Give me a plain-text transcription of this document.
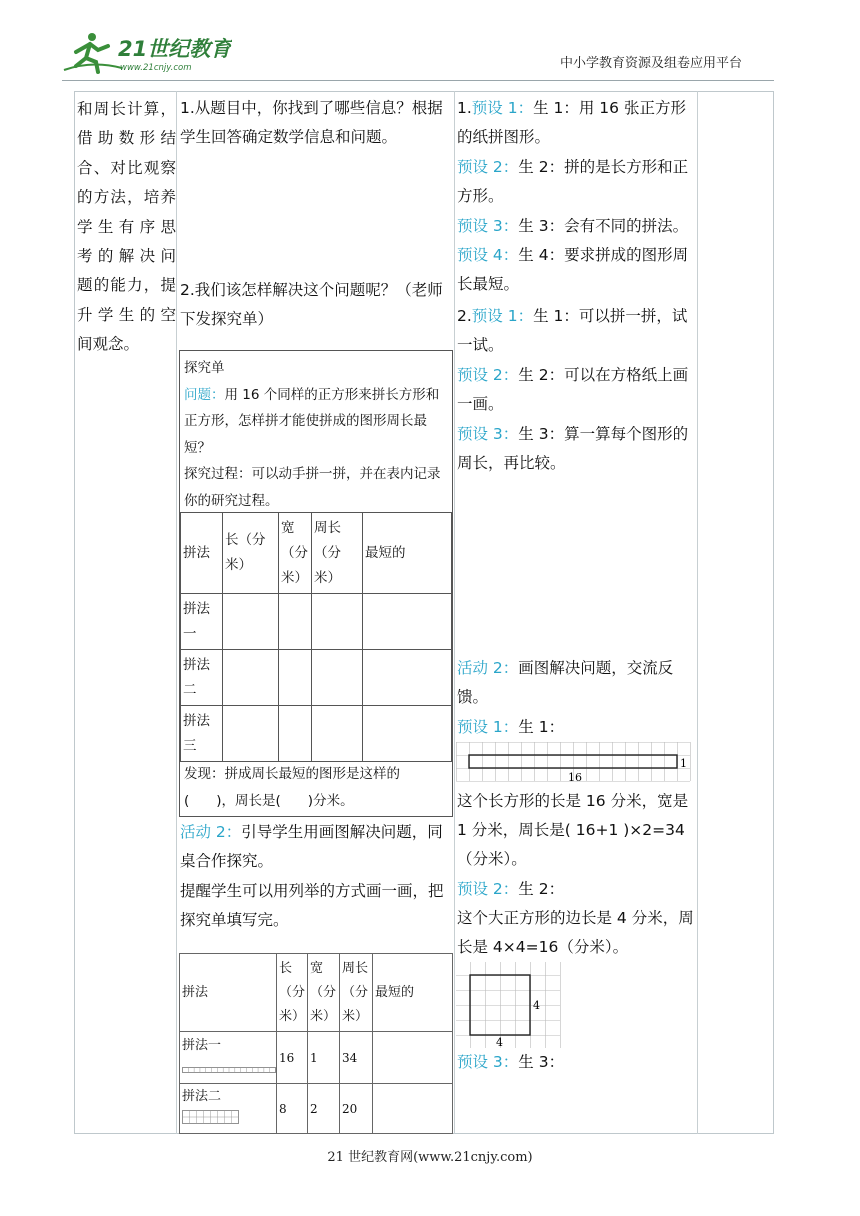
21世纪教育
www.21cnjy.com	中小学教育资源及组卷应用平台
和周长计算，
借助数形结
合、对比观察
的方法，培养
学生有序思
考的解决问
题的能力，提
升学生的空
间观念。
1.从题目中，你找到了哪些信息？根据学生回答确定数学信息和问题。
2.我们该怎样解决这个问题呢？（老师下发探究单）
探究单
问题：用 16 个同样的正方形来拼长方形和正方形，怎样拼才能使拼成的图形周长最短？
探究过程：可以动手拼一拼，并在表内记录你的研究过程。
拼法	长（分米）	宽（分米）	周长（分米）	最短的
拼法一				
拼法二				
拼法三				
发现：拼成周长最短的图形是这样的(　　)，周长是(　　)分米。
活动 2：引导学生用画图解决问题，同桌合作探究。
提醒学生可以用列举的方式画一画，把探究单填写完。
拼法	长（分米）	宽（分米）	周长（分米）	最短的

拼法一	16	1	34	

拼法二	8	2	20	
1.预设 1：生 1：用 16 张正方形的纸拼图形。
预设 2：生 2：拼的是长方形和正方形。
预设 3：生 3：会有不同的拼法。
预设 4：生 4：要求拼成的图形周长最短。
2.预设 1：生 1：可以拼一拼，试一试。
预设 2：生 2：可以在方格纸上画一画。
预设 3：生 3：算一算每个图形的周长，再比较。
活动 2：画图解决问题，交流反馈。
预设 1：生 1：
1
16
这个长方形的长是 16 分米，宽是 1 分米，周长是( 16+1 )×2=34（分米）。
预设 2：生 2：
这个大正方形的边长是 4 分米，周长是 4×4=16（分米）。
4
4
预设 3：生 3：
21 世纪教育网(www.21cnjy.com)
